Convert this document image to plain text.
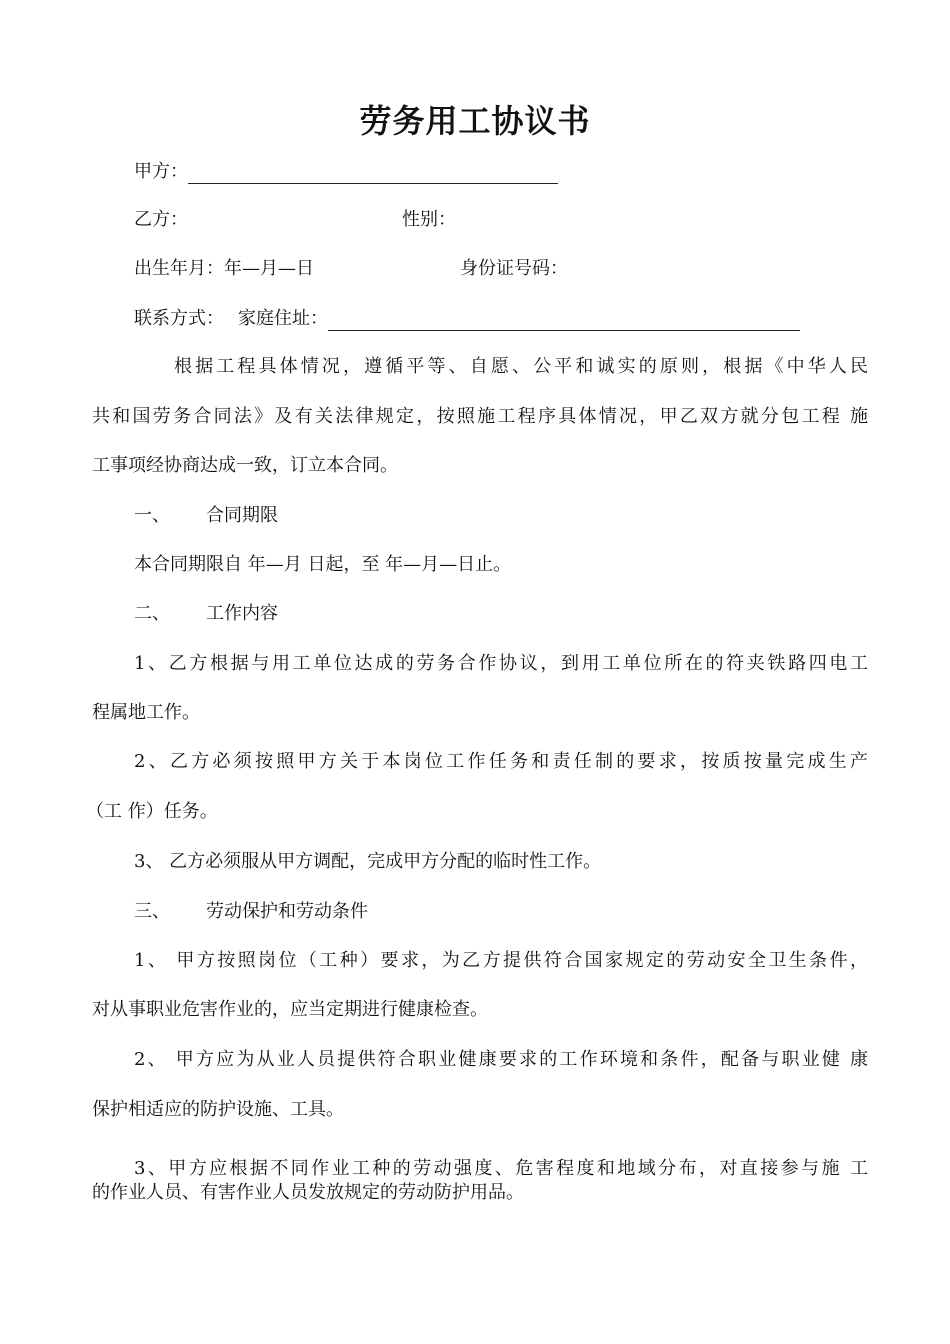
劳务用工协议书
甲方：
乙方：	性别：
出生年月：年—月—日	身份证号码：
联系方式： 家庭住址：
根据工程具体情况，遵循平等、自愿、公平和诚实的原则，根据《中华人民
共和国劳务合同法》及有关法律规定，按照施工程序具体情况，甲乙双方就分包工程 施
工事项经协商达成一致，订立本合同。
一、 合同期限
本合同期限自 年—月 日起，至 年—月—日止。
二、 工作内容
1、乙方根据与用工单位达成的劳务合作协议，到用工单位所在的符夹铁路四电工
程属地工作。
2、乙方必须按照甲方关于本岗位工作任务和责任制的要求，按质按量完成生产
（工 作）任务。
3、 乙方必须服从甲方调配，完成甲方分配的临时性工作。
三、 劳动保护和劳动条件
1、 甲方按照岗位（工种）要求，为乙方提供符合国家规定的劳动安全卫生条件，
对从事职业危害作业的，应当定期进行健康检查。
2、 甲方应为从业人员提供符合职业健康要求的工作环境和条件，配备与职业健 康
保护相适应的防护设施、工具。
3、甲方应根据不同作业工种的劳动强度、危害程度和地域分布，对直接参与施 工
的作业人员、有害作业人员发放规定的劳动防护用品。
